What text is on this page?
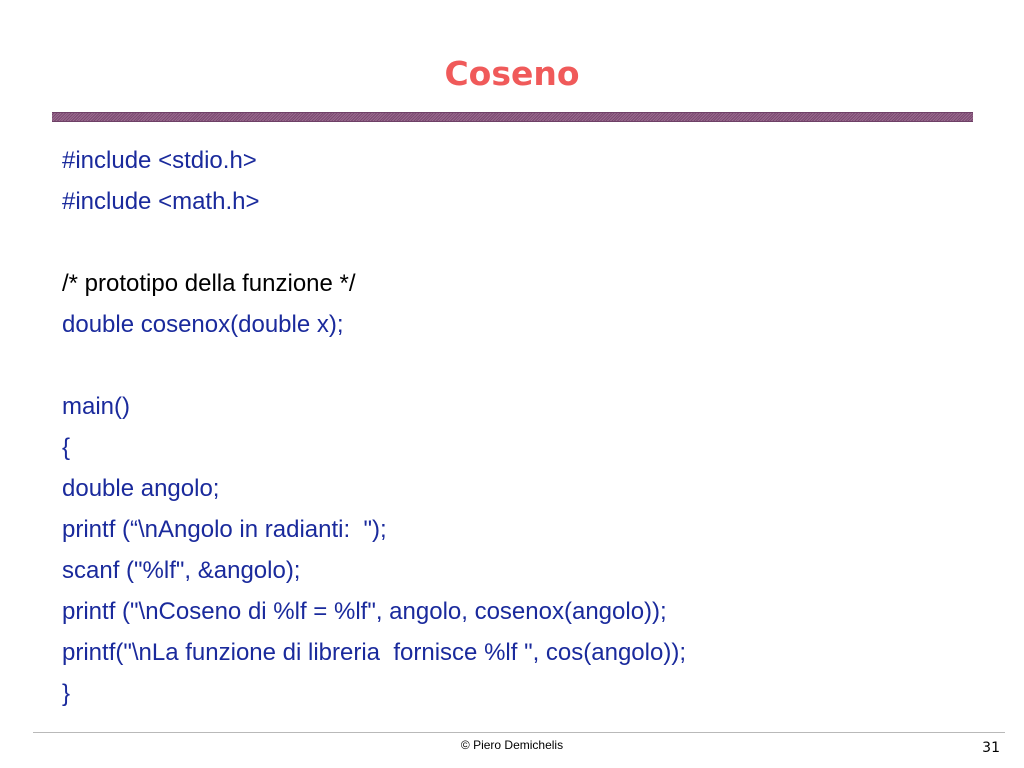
Coseno
#include <stdio.h>
#include <math.h>
/* prototipo della funzione */
double cosenox(double x);
main()
{
double angolo;
printf (“\nAngolo in radianti:  ");
scanf ("%lf", &angolo);
printf ("\nCoseno di %lf = %lf", angolo, cosenox(angolo));
printf("\nLa funzione di libreria  fornisce %lf ", cos(angolo));
}
© Piero Demichelis	31
